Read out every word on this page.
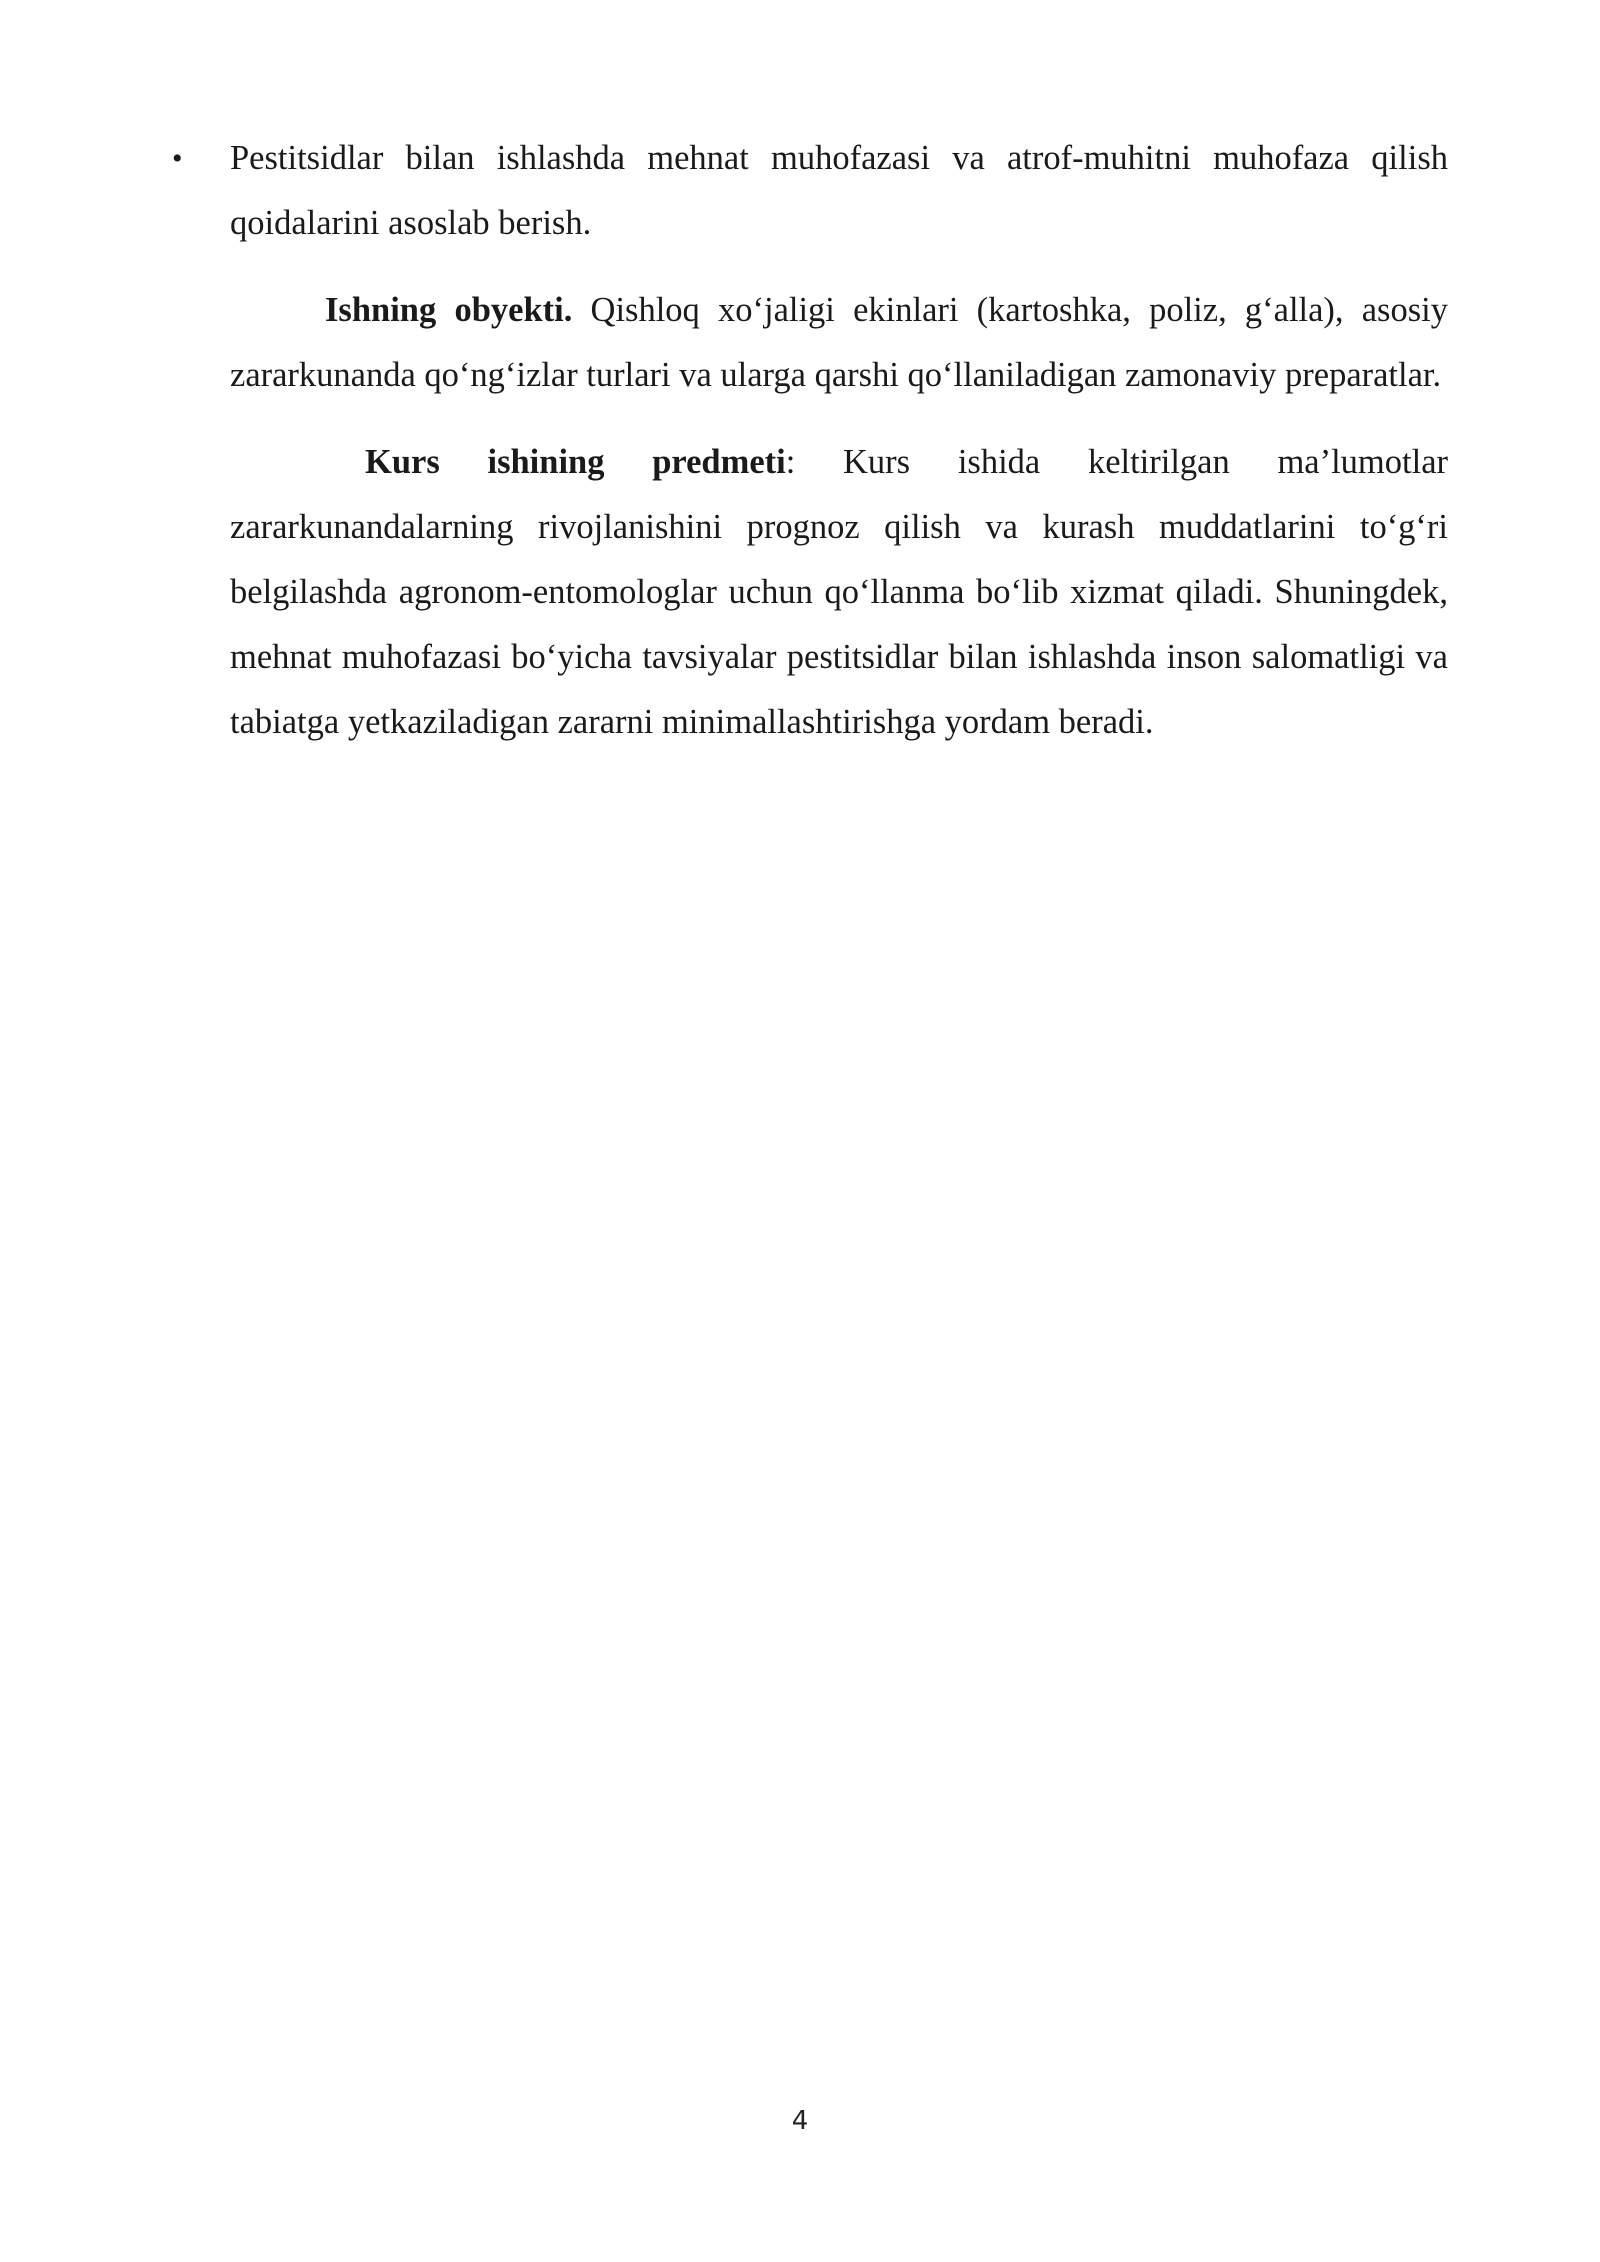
• Pestitsidlar bilan ishlashda mehnat muhofazasi va atrof-muhitni muhofaza qilish qoidalarini asoslab berish.

Ishning obyekti. Qishloq xo‘jaligi ekinlari (kartoshka, poliz, g‘alla), asosiy zararkunanda qo‘ng‘izlar turlari va ularga qarshi qo‘llaniladigan zamonaviy preparatlar.

Kurs ishining predmeti: Kurs ishida keltirilgan ma’lumotlar zararkunandalarning rivojlanishini prognoz qilish va kurash muddatlarini to‘g‘ri belgilashda agronom-entomologlar uchun qo‘llanma bo‘lib xizmat qiladi. Shuningdek, mehnat muhofazasi bo‘yicha tavsiyalar pestitsidlar bilan ishlashda inson salomatligi va tabiatga yetkaziladigan zararni minimallashtirishga yordam beradi.

4
